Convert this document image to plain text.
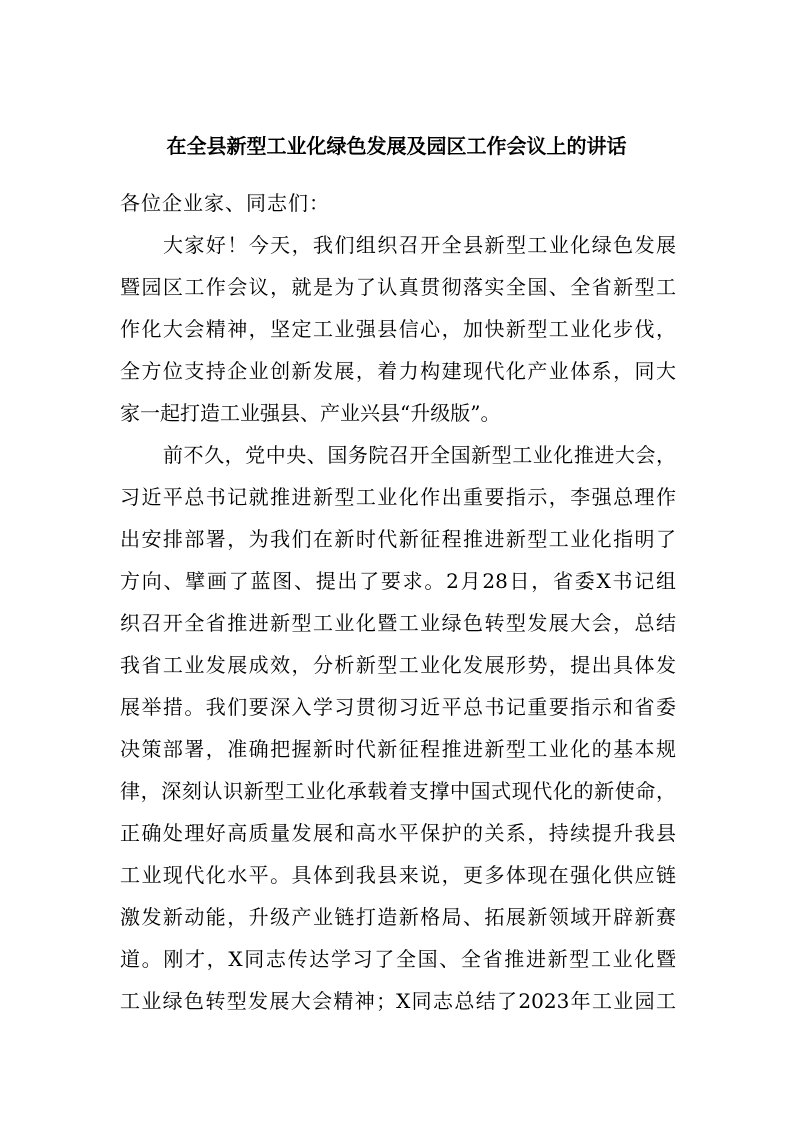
在全县新型工业化绿色发展及园区工作会议上的讲话
各位企业家、同志们：
大家好！今天，我们组织召开全县新型工业化绿色发展
暨园区工作会议，就是为了认真贯彻落实全国、全省新型工
作化大会精神，坚定工业强县信心，加快新型工业化步伐，
全方位支持企业创新发展，着力构建现代化产业体系，同大
家一起打造工业强县、产业兴县“升级版”。
前不久，党中央、国务院召开全国新型工业化推进大会，
习近平总书记就推进新型工业化作出重要指示，李强总理作
出安排部署，为我们在新时代新征程推进新型工业化指明了
方向、擘画了蓝图、提出了要求。2月28日，省委X书记组
织召开全省推进新型工业化暨工业绿色转型发展大会，总结
我省工业发展成效，分析新型工业化发展形势，提出具体发
展举措。我们要深入学习贯彻习近平总书记重要指示和省委
决策部署，准确把握新时代新征程推进新型工业化的基本规
律，深刻认识新型工业化承载着支撑中国式现代化的新使命，
正确处理好高质量发展和高水平保护的关系，持续提升我县
工业现代化水平。具体到我县来说，更多体现在强化供应链
激发新动能，升级产业链打造新格局、拓展新领域开辟新赛
道。刚才，X同志传达学习了全国、全省推进新型工业化暨
工业绿色转型发展大会精神；X同志总结了2023年工业园工
